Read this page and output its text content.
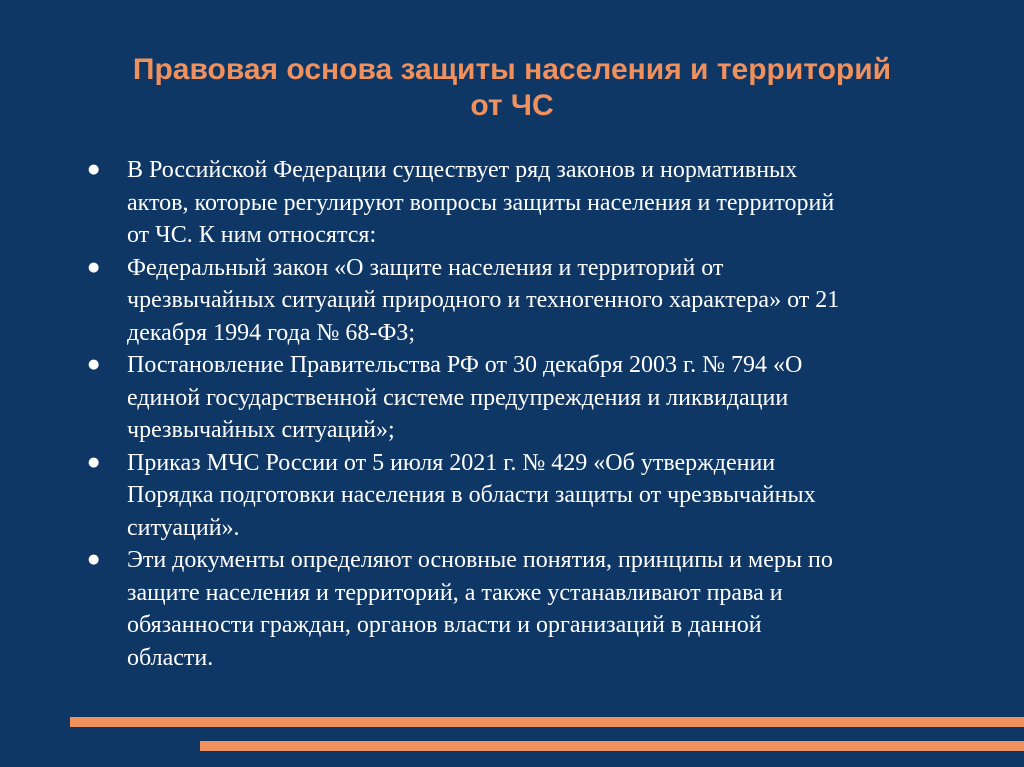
Правовая основа защиты населения и территорий
от ЧС
● В Российской Федерации существует ряд законов и нормативных
актов, которые регулируют вопросы защиты населения и территорий
от ЧС. К ним относятся:
● Федеральный закон «О защите населения и территорий от
чрезвычайных ситуаций природного и техногенного характера» от 21
декабря 1994 года № 68-ФЗ;
● Постановление Правительства РФ от 30 декабря 2003 г. № 794 «О
единой государственной системе предупреждения и ликвидации
чрезвычайных ситуаций»;
● Приказ МЧС России от 5 июля 2021 г. № 429 «Об утверждении
Порядка подготовки населения в области защиты от чрезвычайных
ситуаций».
● Эти документы определяют основные понятия, принципы и меры по
защите населения и территорий, а также устанавливают права и
обязанности граждан, органов власти и организаций в данной
области.
